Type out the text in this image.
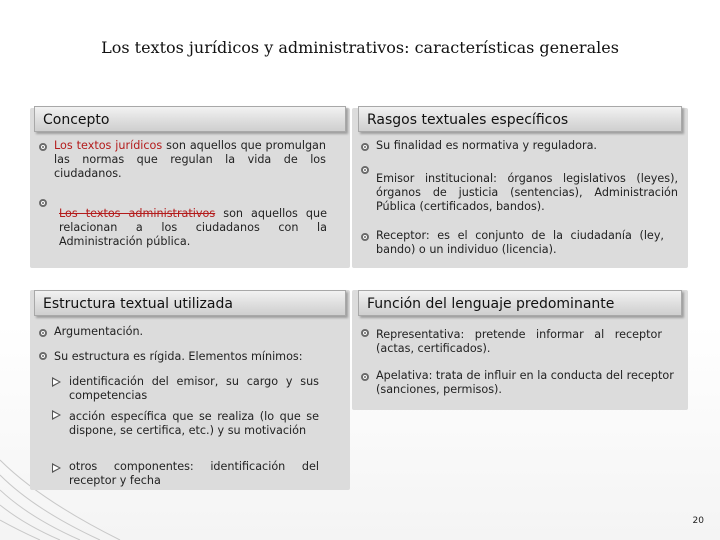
Los textos jurídicos y administrativos: características generales
Concepto	Rasgos textuales específicos
Estructura textual utilizada	Función del lenguaje predominante
Los textos jurídicos son aquellos que promulgan las normas que regulan la vida de los ciudadanos.
Los textos administrativos son aquellos que relacionan a los ciudadanos con la Administración pública.
Su finalidad es normativa y reguladora.
Emisor institucional: órganos legislativos (leyes), órganos de justicia (sentencias), Administración Pública (certificados, bandos).
Receptor: es el conjunto de la ciudadanía (ley, bando) o un individuo (licencia).
Argumentación.
Su estructura es rígida. Elementos mínimos:
identificación del emisor, su cargo y sus competencias
acción específica que se realiza (lo que se dispone, se certifica, etc.) y su motivación
otros componentes: identificación del receptor y fecha
Representativa: pretende informar al receptor (actas, certificados).
Apelativa: trata de influir en la conducta del receptor (sanciones, permisos).
20
